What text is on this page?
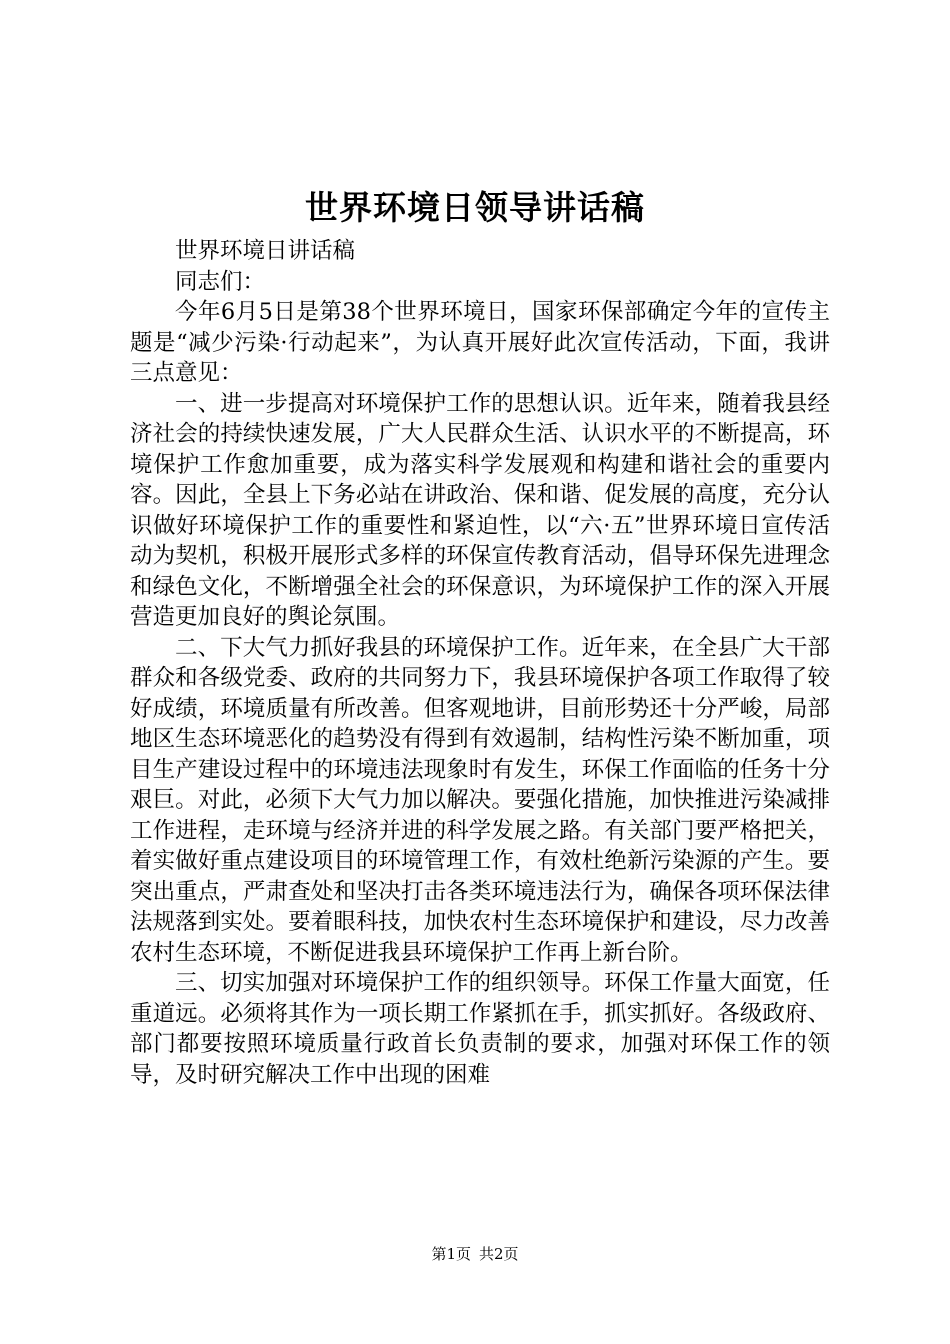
世界环境日领导讲话稿

世界环境日讲话稿

同志们：

今年6月5日是第38个世界环境日，国家环保部确定今年的宣传主题是“减少污染·行动起来”，为认真开展好此次宣传活动，下面，我讲三点意见：

一、进一步提高对环境保护工作的思想认识。近年来，随着我县经济社会的持续快速发展，广大人民群众生活、认识水平的不断提高，环境保护工作愈加重要，成为落实科学发展观和构建和谐社会的重要内容。因此，全县上下务必站在讲政治、保和谐、促发展的高度，充分认识做好环境保护工作的重要性和紧迫性，以“六·五”世界环境日宣传活动为契机，积极开展形式多样的环保宣传教育活动，倡导环保先进理念和绿色文化，不断增强全社会的环保意识，为环境保护工作的深入开展营造更加良好的舆论氛围。

二、下大气力抓好我县的环境保护工作。近年来，在全县广大干部群众和各级党委、政府的共同努力下，我县环境保护各项工作取得了较好成绩，环境质量有所改善。但客观地讲，目前形势还十分严峻，局部地区生态环境恶化的趋势没有得到有效遏制，结构性污染不断加重，项目生产建设过程中的环境违法现象时有发生，环保工作面临的任务十分艰巨。对此，必须下大气力加以解决。要强化措施，加快推进污染减排工作进程，走环境与经济并进的科学发展之路。有关部门要严格把关，着实做好重点建设项目的环境管理工作，有效杜绝新污染源的产生。要突出重点，严肃查处和坚决打击各类环境违法行为，确保各项环保法律法规落到实处。要着眼科技，加快农村生态环境保护和建设，尽力改善农村生态环境，不断促进我县环境保护工作再上新台阶。

三、切实加强对环境保护工作的组织领导。环保工作量大面宽，任重道远。必须将其作为一项长期工作紧抓在手，抓实抓好。各级政府、部门都要按照环境质量行政首长负责制的要求，加强对环保工作的领导，及时研究解决工作中出现的困难

第1页 共2页
